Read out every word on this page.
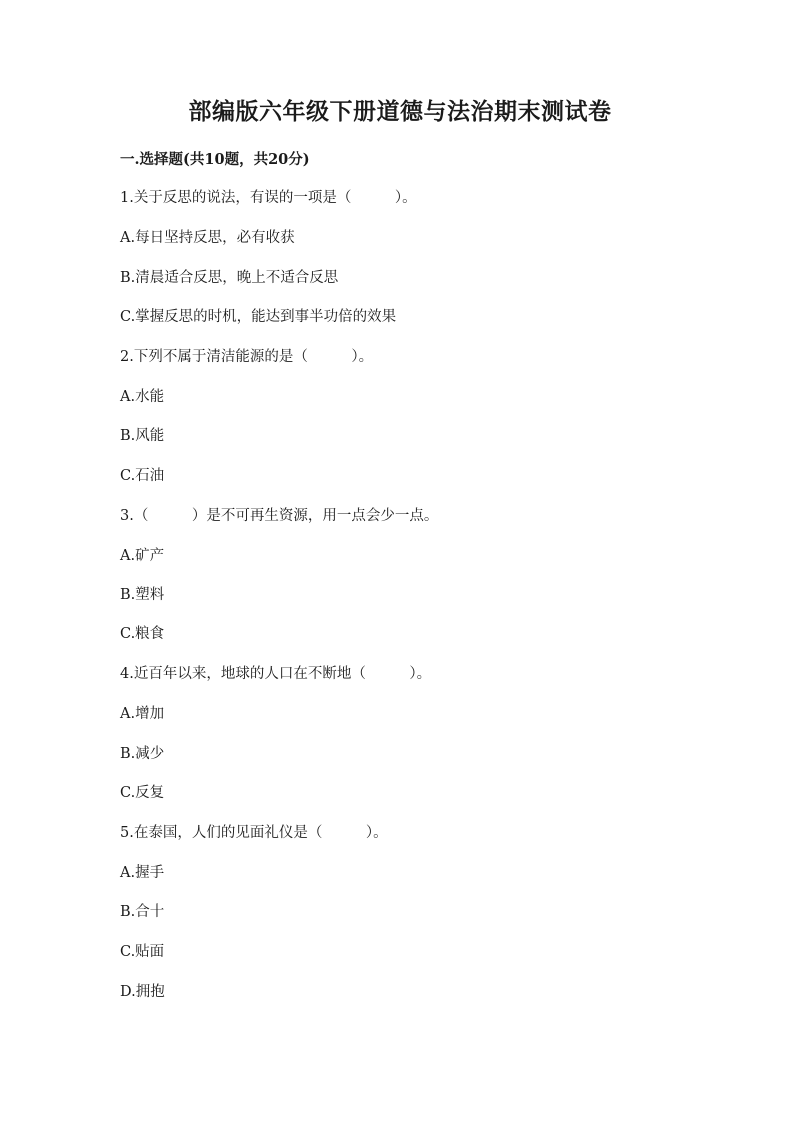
部编版六年级下册道德与法治期末测试卷
一.选择题(共10题，共20分)
1.关于反思的说法，有误的一项是（　　　）。
A.每日坚持反思，必有收获
B.清晨适合反思，晚上不适合反思
C.掌握反思的时机，能达到事半功倍的效果
2.下列不属于清洁能源的是（　　　）。
A.水能
B.风能
C.石油
3.（　　　）是不可再生资源，用一点会少一点。
A.矿产
B.塑料
C.粮食
4.近百年以来，地球的人口在不断地（　　　）。
A.增加
B.减少
C.反复
5.在泰国，人们的见面礼仪是（　　　）。
A.握手
B.合十
C.贴面
D.拥抱
